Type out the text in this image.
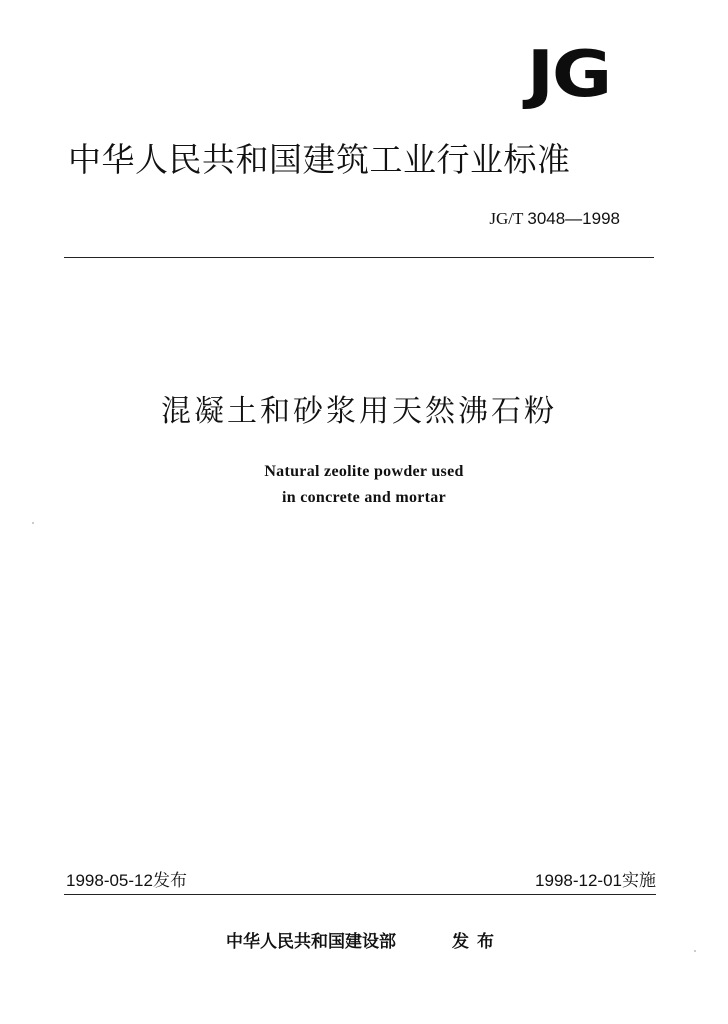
JG
中华人民共和国建筑工业行业标准
JG/T 3048—1998
混凝土和砂浆用天然沸石粉
Natural zeolite powder used
in concrete and mortar
1998-05-12发布	1998-12-01实施
中华人民共和国建设部	发布
